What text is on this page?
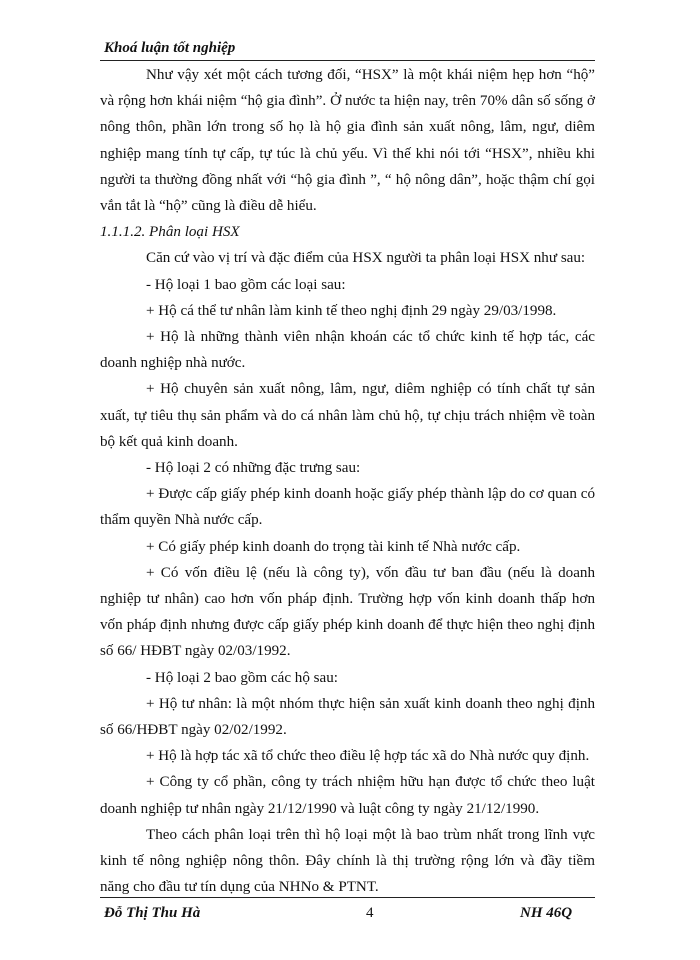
Khoá luận tốt nghiệp

Như vậy xét một cách tương đối, “HSX” là một khái niệm hẹp hơn “hộ” và rộng hơn khái niệm “hộ gia đình”. Ở nước ta hiện nay, trên 70% dân số sống ở nông thôn, phần lớn trong số họ là hộ gia đình sản xuất nông, lâm, ngư, diêm nghiệp mang tính tự cấp, tự túc là chủ yếu. Vì thế khi nói tới “HSX”, nhiều khi người ta thường đồng nhất với “hộ gia đình ”, “ hộ nông dân”, hoặc thậm chí gọi vắn tắt là “hộ” cũng là điều dễ hiểu.

1.1.1.2. Phân loại HSX

Căn cứ vào vị trí và đặc điểm của HSX người ta phân loại HSX như sau:

- Hộ loại 1 bao gồm các loại sau:

+ Hộ cá thể tư nhân làm kinh tế theo nghị định 29 ngày 29/03/1998.

+ Hộ là những thành viên nhận khoán các tổ chức kinh tế hợp tác, các doanh nghiệp nhà nước.

+ Hộ chuyên sản xuất nông, lâm, ngư, diêm nghiệp có tính chất tự sản xuất, tự tiêu thụ sản phẩm và do cá nhân làm chủ hộ, tự chịu trách nhiệm về toàn bộ kết quả kinh doanh.

- Hộ loại 2 có những đặc trưng sau:

+ Được cấp giấy phép kinh doanh hoặc giấy phép thành lập do cơ quan có thẩm quyền Nhà nước cấp.

+ Có giấy phép kinh doanh do trọng tài kinh tế Nhà nước cấp.

+ Có vốn điều lệ (nếu là công ty), vốn đầu tư ban đầu (nếu là doanh nghiệp tư nhân) cao hơn vốn pháp định. Trường hợp vốn kinh doanh thấp hơn vốn pháp định nhưng được cấp giấy phép kinh doanh để thực hiện theo nghị định số 66/ HĐBT ngày 02/03/1992.

- Hộ loại 2 bao gồm các hộ sau:

+ Hộ tư nhân: là một nhóm thực hiện sản xuất kinh doanh theo nghị định số 66/HĐBT ngày 02/02/1992.

+ Hộ là hợp tác xã tổ chức theo điều lệ hợp tác xã do Nhà nước quy định.

+ Công ty cổ phần, công ty trách nhiệm hữu hạn được tổ chức theo luật doanh nghiệp tư nhân ngày 21/12/1990 và luật công ty ngày 21/12/1990.

Theo cách phân loại trên thì hộ loại một là bao trùm nhất trong lĩnh vực kinh tế nông nghiệp nông thôn. Đây chính là thị trường rộng lớn và đầy tiềm năng cho đầu tư tín dụng của NHNo & PTNT.

Đỗ Thị Thu Hà	4	NH 46Q
